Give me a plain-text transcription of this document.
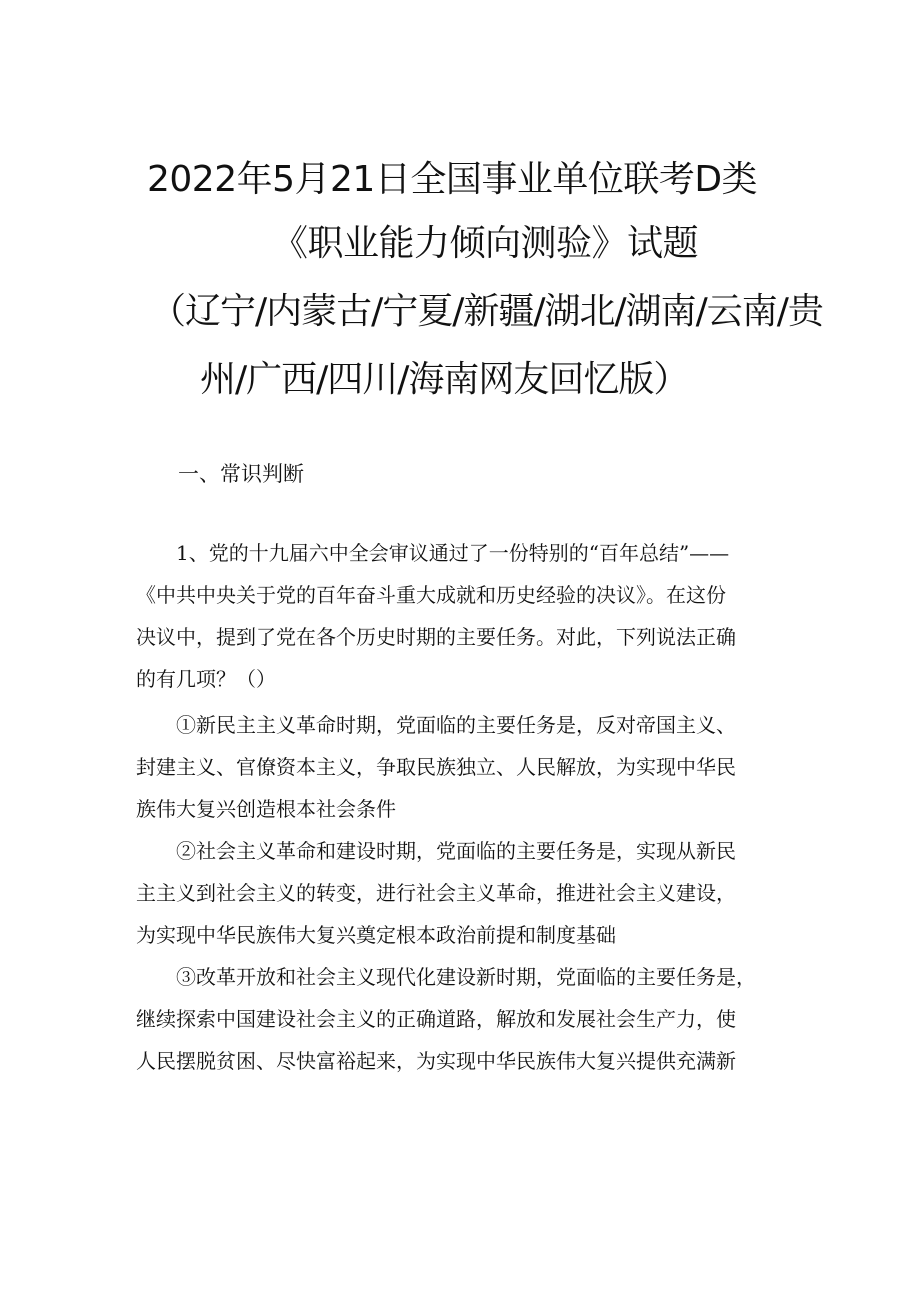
2022年5月21日全国事业单位联考D类
《职业能力倾向测验》试题
（辽宁/内蒙古/宁夏/新疆/湖北/湖南/云南/贵
州/广西/四川/海南网友回忆版）
一、常识判断

　　1、党的十九届六中全会审议通过了一份特别的“百年总结”——
《中共中央关于党的百年奋斗重大成就和历史经验的决议》。在这份
决议中，提到了党在各个历史时期的主要任务。对此，下列说法正确
的有几项？（）

　　①新民主主义革命时期，党面临的主要任务是，反对帝国主义、
封建主义、官僚资本主义，争取民族独立、人民解放，为实现中华民
族伟大复兴创造根本社会条件

　　②社会主义革命和建设时期，党面临的主要任务是，实现从新民
主主义到社会主义的转变，进行社会主义革命，推进社会主义建设，
为实现中华民族伟大复兴奠定根本政治前提和制度基础

　　③改革开放和社会主义现代化建设新时期，党面临的主要任务是，
继续探索中国建设社会主义的正确道路，解放和发展社会生产力，使
人民摆脱贫困、尽快富裕起来，为实现中华民族伟大复兴提供充满新
